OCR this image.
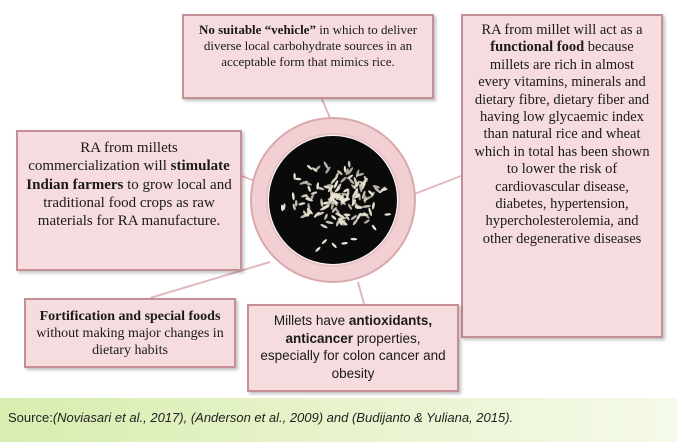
No suitable “vehicle” in which to deliver diverse local carbohydrate sources in an acceptable form that mimics rice.
RA from millets commercialization will stimulate Indian farmers to grow local and traditional food crops as raw materials for RA manufacture.
RA from millet will act as a functional food because millets are rich in almost every vitamins, minerals and dietary fibre, dietary fiber and having low glycaemic index than natural rice and wheat which in total has been shown to lower the risk of cardiovascular disease, diabetes, hypertension, hypercholesterolemia, and other degenerative diseases
Fortification and special foods without making major changes in dietary habits
Millets have antioxidants, anticancer properties, especially for colon cancer and obesity
Source:(Noviasari et al., 2017), (Anderson et al., 2009) and (Budijanto & Yuliana, 2015).
